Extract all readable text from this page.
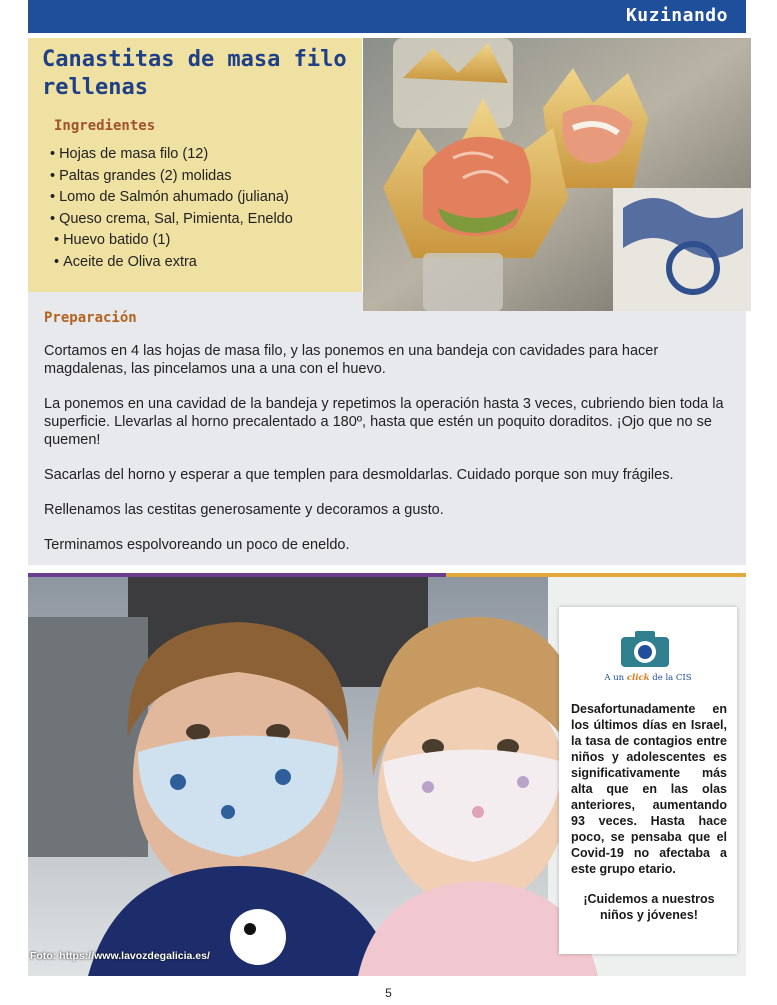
Kuzinando
Canastitas de masa filo rellenas
Ingredientes
• Hojas de masa filo (12)
• Paltas grandes (2) molidas
• Lomo de Salmón ahumado (juliana)
• Queso crema, Sal, Pimienta, Eneldo
• Huevo batido (1)
• Aceite de Oliva extra
Preparación

Cortamos en 4 las hojas de masa filo, y las ponemos en una bandeja con cavidades para hacer magdalenas, las pincelamos una a una con el huevo.

La ponemos en una cavidad de la bandeja y repetimos la operación hasta 3 veces, cubriendo bien toda la superficie. Llevarlas al horno precalentado a 180º, hasta que estén un poquito doraditos. ¡Ojo que no se quemen!

Sacarlas del horno y esperar a que templen para desmoldarlas. Cuidado porque son muy frágiles.

Rellenamos las cestitas generosamente y decoramos a gusto.

Terminamos espolvoreando un poco de eneldo.

Foto: https://www.lavozdegalicia.es/
A un click de la CIS
Desafortunadamente en los últimos días en Israel, la tasa de contagios entre niños y adolescentes es significativamente más alta que en las olas anteriores, aumentando 93 veces. Hasta hace poco, se pensaba que el Covid-19 no afectaba a este grupo etario.
¡Cuidemos a nuestros niños y jóvenes!
5
